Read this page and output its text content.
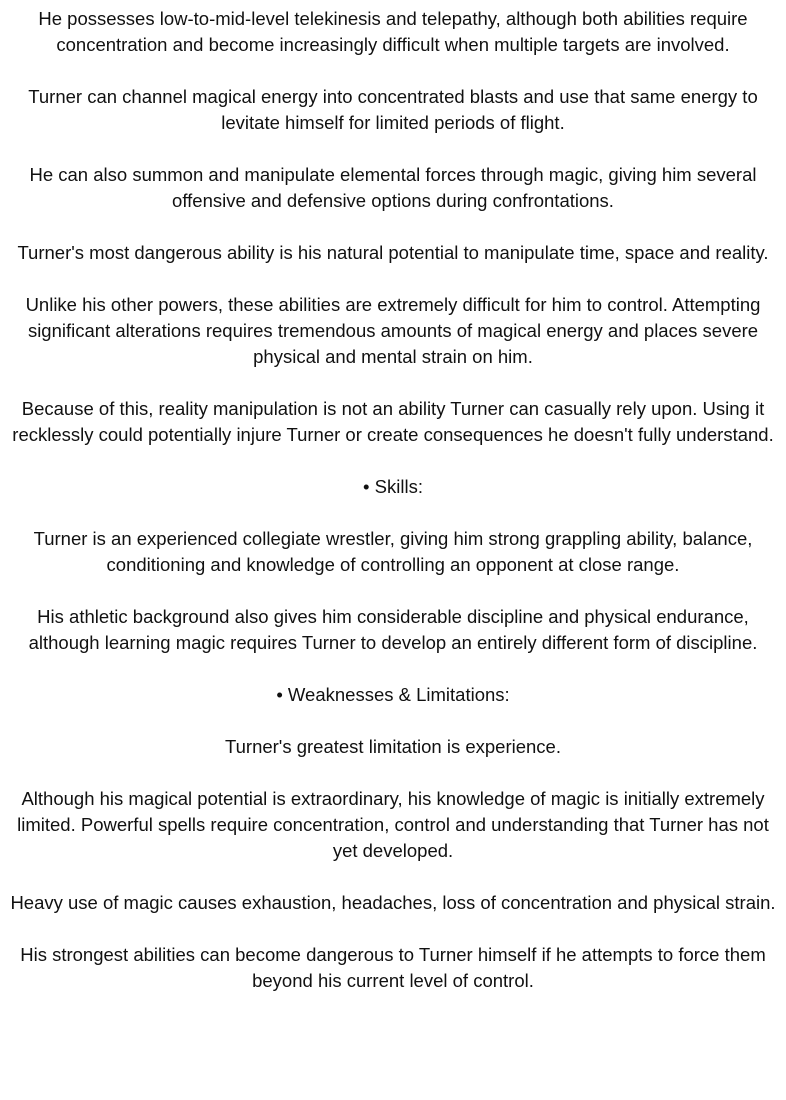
He possesses low-to-mid-level telekinesis and telepathy, although both abilities require concentration and become increasingly difficult when multiple targets are involved.

Turner can channel magical energy into concentrated blasts and use that same energy to levitate himself for limited periods of flight.

He can also summon and manipulate elemental forces through magic, giving him several offensive and defensive options during confrontations.

Turner's most dangerous ability is his natural potential to manipulate time, space and reality.

Unlike his other powers, these abilities are extremely difficult for him to control. Attempting significant alterations requires tremendous amounts of magical energy and places severe physical and mental strain on him.

Because of this, reality manipulation is not an ability Turner can casually rely upon. Using it recklessly could potentially injure Turner or create consequences he doesn't fully understand.

• Skills:

Turner is an experienced collegiate wrestler, giving him strong grappling ability, balance, conditioning and knowledge of controlling an opponent at close range.

His athletic background also gives him considerable discipline and physical endurance, although learning magic requires Turner to develop an entirely different form of discipline.

• Weaknesses & Limitations:

Turner's greatest limitation is experience.

Although his magical potential is extraordinary, his knowledge of magic is initially extremely limited. Powerful spells require concentration, control and understanding that Turner has not yet developed.

Heavy use of magic causes exhaustion, headaches, loss of concentration and physical strain.

His strongest abilities can become dangerous to Turner himself if he attempts to force them beyond his current level of control.
